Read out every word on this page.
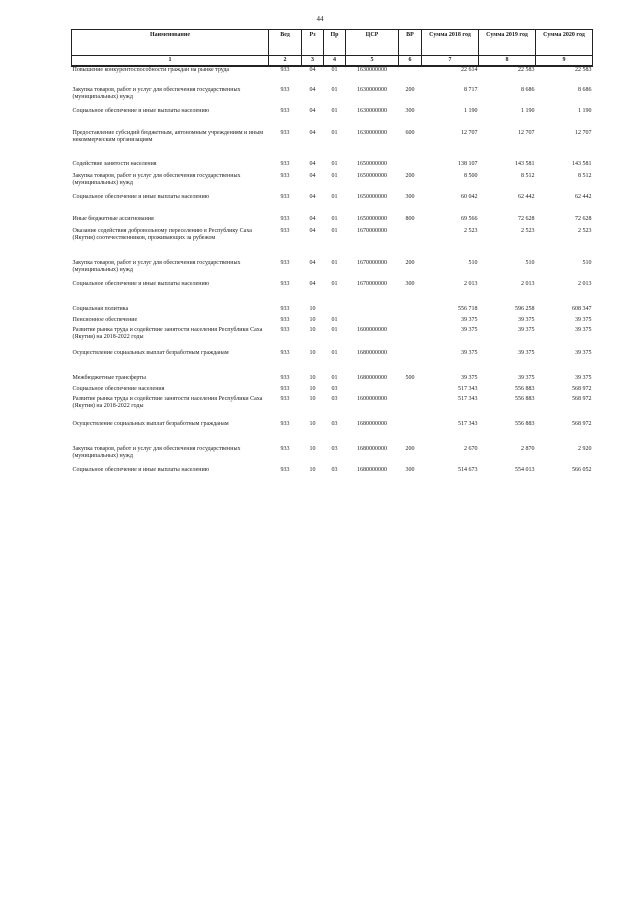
44
Наименование	Вед	Рз	Пр	ЦСР	ВР	Сумма 2018 год	Сумма 2019 год	Сумма 2020 год
1	2	3	4	5	6	7	8	9
Повышение конкурентоспособности граждан на рынке труда	933	04	01	1630000000		22 614	22 583	22 583
Закупка товаров, работ и услуг для обеспечения государственных (муниципальных) нужд	933	04	01	1630000000	200	8 717	8 686	8 686
Социальное обеспечение и иные выплаты населению	933	04	01	1630000000	300	1 190	1 190	1 190
Предоставление субсидий бюджетным, автономным учреждениям и иным некоммерческим организациям	933	04	01	1630000000	600	12 707	12 707	12 707
Содействие занятости населения	933	04	01	1650000000		138 107	143 581	143 581
Закупка товаров, работ и услуг для обеспечения государственных (муниципальных) нужд	933	04	01	1650000000	200	8 500	8 512	8 512
Социальное обеспечение и иные выплаты населению	933	04	01	1650000000	300	60 042	62 442	62 442
Иные бюджетные ассигнования	933	04	01	1650000000	800	69 566	72 628	72 628
Оказание содействия добровольному переселению в Республику Саха (Якутия) соотечественников, проживающих за рубежом	933	04	01	1670000000		2 523	2 523	2 523
Закупка товаров, работ и услуг для обеспечения государственных (муниципальных) нужд	933	04	01	1670000000	200	510	510	510
Социальное обеспечение и иные выплаты населению	933	04	01	1670000000	300	2 013	2 013	2 013
Социальная политика	933	10				556 718	596 258	608 347
Пенсионное обеспечение	933	10	01			39 375	39 375	39 375
Развитие рынка труда и содействие занятости населения Республики Саха (Якутия) на 2018-2022 годы	933	10	01	1600000000		39 375	39 375	39 375
Осуществление социальных выплат безработным гражданам	933	10	01	1680000000		39 375	39 375	39 375
Межбюджетные трансферты	933	10	01	1680000000	500	39 375	39 375	39 375
Социальное обеспечение населения	933	10	03			517 343	556 883	568 972
Развитие рынка труда и содействие занятости населения Республики Саха (Якутия) на 2018-2022 годы	933	10	03	1600000000		517 343	556 883	568 972
Осуществление социальных выплат безработным гражданам	933	10	03	1680000000		517 343	556 883	568 972
Закупка товаров, работ и услуг для обеспечения государственных (муниципальных) нужд	933	10	03	1680000000	200	2 670	2 870	2 920
Социальное обеспечение и иные выплаты населению	933	10	03	1680000000	300	514 673	554 013	566 052
